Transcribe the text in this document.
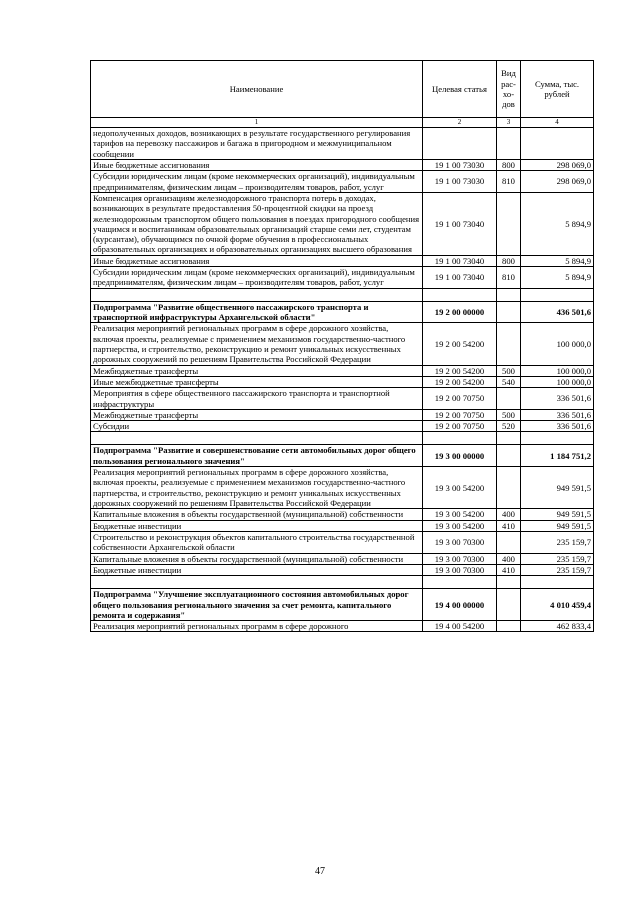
Наименование	Целевая статья	Вид рас-хо-дов	Сумма, тыс. рублей
1	2	3	4
недополученных доходов, возникающих в результате государственного регулирования тарифов на перевозку пассажиров и багажа в пригородном и межмуниципальном сообщении			
Иные бюджетные ассигнования	19 1 00 73030	800	298 069,0
Субсидии юридическим лицам (кроме некоммерческих организаций), индивидуальным предпринимателям, физическим лицам – производителям товаров, работ, услуг	19 1 00 73030	810	298 069,0
Компенсация организациям железнодорожного транспорта потерь в доходах, возникающих в результате предоставления 50-процентной скидки на проезд железнодорожным транспортом общего пользования в поездах пригородного сообщения учащимся и воспитанникам образовательных организаций старше семи лет, студентам (курсантам), обучающимся по очной форме обучения в профессиональных образовательных организациях и образовательных организациях высшего образования	19 1 00 73040		5 894,9
Иные бюджетные ассигнования	19 1 00 73040	800	5 894,9
Субсидии юридическим лицам (кроме некоммерческих организаций), индивидуальным предпринимателям, физическим лицам – производителям товаров, работ, услуг	19 1 00 73040	810	5 894,9

Подпрограмма "Развитие общественного пассажирского транспорта и транспортной инфраструктуры Архангельской области"	19 2 00 00000		436 501,6
Реализация мероприятий региональных программ в сфере дорожного хозяйства, включая проекты, реализуемые с применением механизмов государственно-частного партнерства, и строительство, реконструкцию и ремонт уникальных искусственных дорожных сооружений по решениям Правительства Российской Федерации	19 2 00 54200		100 000,0
Межбюджетные трансферты	19 2 00 54200	500	100 000,0
Иные межбюджетные трансферты	19 2 00 54200	540	100 000,0
Мероприятия в сфере общественного пассажирского транспорта и транспортной инфраструктуры	19 2 00 70750		336 501,6
Межбюджетные трансферты	19 2 00 70750	500	336 501,6
Субсидии	19 2 00 70750	520	336 501,6

Подпрограмма "Развитие и совершенствование сети автомобильных дорог общего пользования регионального значения"	19 3 00 00000		1 184 751,2
Реализация мероприятий региональных программ в сфере дорожного хозяйства, включая проекты, реализуемые с применением механизмов государственно-частного партнерства, и строительство, реконструкцию и ремонт уникальных искусственных дорожных сооружений по решениям Правительства Российской Федерации	19 3 00 54200		949 591,5
Капитальные вложения в объекты государственной (муниципальной) собственности	19 3 00 54200	400	949 591,5
Бюджетные инвестиции	19 3 00 54200	410	949 591,5
Строительство и реконструкция объектов капитального строительства государственной собственности Архангельской области	19 3 00 70300		235 159,7
Капитальные вложения в объекты государственной (муниципальной) собственности	19 3 00 70300	400	235 159,7
Бюджетные инвестиции	19 3 00 70300	410	235 159,7

Подпрограмма "Улучшение эксплуатационного состояния автомобильных дорог общего пользования регионального значения за счет ремонта, капитального ремонта и содержания"	19 4 00 00000		4 010 459,4
Реализация мероприятий региональных программ в сфере дорожного	19 4 00 54200		462 833,4
47
